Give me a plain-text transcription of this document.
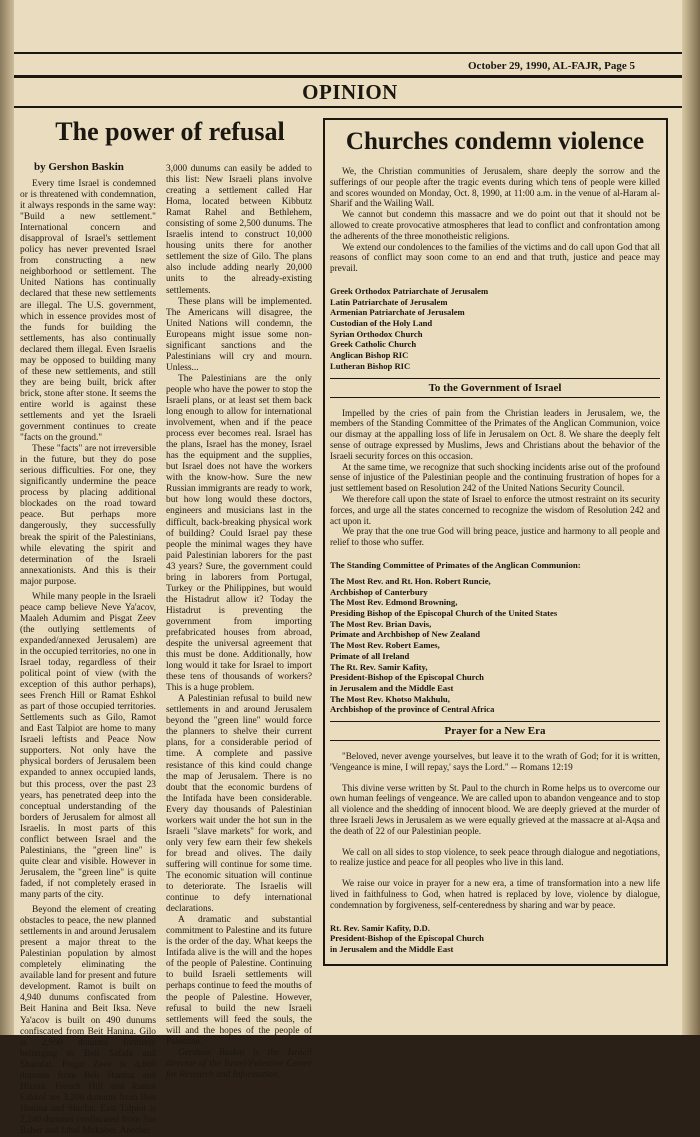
October 29, 1990, AL-FAJR, Page 5
OPINION
The power of refusal
by Gershon Baskin

Every time Israel is condemned or is threatened with condemnation, it always responds in the same way: "Build a new settlement." International concern and disapproval of Israel's settlement policy has never prevented Israel from constructing a new neighborhood or settlement. The United Nations has continually declared that these new settlements are illegal. The U.S. government, which in essence provides most of the funds for building the settlements, has also continually declared them illegal. Even Israelis may be opposed to building many of these new settlements, and still they are being built, brick after brick, stone after stone. It seems the entire world is against these settlements and yet the Israeli government continues to create "facts on the ground."

These "facts" are not irreversible in the future, but they do pose serious difficulties. For one, they significantly undermine the peace process by placing additional blockades on the road toward peace. But perhaps more dangerously, they successfully break the spirit of the Palestinians, while elevating the spirit and determination of the Israeli annexationists. And this is their major purpose.

While many people in the Israeli peace camp believe Neve Ya'acov, Maaleh Adumim and Pisgat Zeev (the outlying settlements of expanded/annexed Jerusalem) are in the occupied territories, no one in Israel today, regardless of their political point of view (with the exception of this author perhaps), sees French Hill or Ramat Eshkol as part of those occupied territories. Settlements such as Gilo, Ramot and East Talpiot are home to many Israeli leftists and Peace Now supporters. Not only have the physical borders of Jerusalem been expanded to annex occupied lands, but this process, over the past 23 years, has penetrated deep into the conceptual understanding of the borders of Jerusalem for almost all Israelis. In most parts of this conflict between Israel and the Palestinians, the "green line" is quite clear and visible. However in Jerusalem, the "green line" is quite faded, if not completely erased in many parts of the city.

Beyond the element of creating obstacles to peace, the new planned settlements in and around Jerusalem present a major threat to the Palestinian population by almost completely eliminating the available land for present and future development. Ramot is built on 4,940 dunums confiscated from Beit Hanina and Beit Iksa. Neve Ya'acov is built on 490 dunums confiscated from Beit Hanina. Gilo is 2,950 dunums formerly belonging to Beit Safafa and Sharafat. Pisgat Zeev is 4,600 dunums from Beit Hanina and Hizma. French Hill and Ramat Eshkol are 3,200 dunums from Beit Hanina and Shu'fat. East Talpiot is 2,240 dunums confiscated from Sur Baher and Jabal Mukaber. Another

3,000 dunums can easily be added to this list: New Israeli plans involve creating a settlement called Har Homa, located between Kibbutz Ramat Rahel and Bethlehem, consisting of some 2,500 dunums. The Israelis intend to construct 10,000 housing units there for another settlement the size of Gilo. The plans also include adding nearly 20,000 units to the already-existing settlements.

These plans will be implemented. The Americans will disagree, the United Nations will condemn, the Europeans might issue some non-significant sanctions and the Palestinians will cry and mourn. Unless...

The Palestinians are the only people who have the power to stop the Israeli plans, or at least set them back long enough to allow for international involvement, when and if the peace process ever becomes real. Israel has the plans, Israel has the money, Israel has the equipment and the supplies, but Israel does not have the workers with the know-how. Sure the new Russian immigrants are ready to work, but how long would these doctors, engineers and musicians last in the difficult, back-breaking physical work of building? Could Israel pay these people the minimal wages they have paid Palestinian laborers for the past 43 years? Sure, the government could bring in laborers from Portugal, Turkey or the Philippines, but would the Histadrut allow it? Today the Histadrut is preventing the government from importing prefabricated houses from abroad, despite the universal agreement that this must be done. Additionally, how long would it take for Israel to import these tens of thousands of workers? This is a huge problem.

A Palestinian refusal to build new settlements in and around Jerusalem beyond the "green line" would force the planners to shelve their current plans, for a considerable period of time. A complete and passive resistance of this kind could change the map of Jerusalem. There is no doubt that the economic burdens of the Intifada have been considerable. Every day thousands of Palestinian workers wait under the hot sun in the Israeli "slave markets" for work, and only very few earn their few shekels for bread and olives. The daily suffering will continue for some time. The economic situation will continue to deteriorate. The Israelis will continue to defy international declarations.

A dramatic and substantial commitment to Palestine and its future is the order of the day. What keeps the Intifada alive is the will and the hopes of the people of Palestine. Continuing to build Israeli settlements will perhaps continue to feed the mouths of the people of Palestine. However, refusal to build the new Israeli settlements will feed the souls, the will and the hopes of the people of Palestine.

Gershon Baskin is the Israeli director of the Israel/Palestine Center for Research and Information.

Churches condemn violence

We, the Christian communities of Jerusalem, share deeply the sorrow and the sufferings of our people after the tragic events during which tens of people were killed and scores wounded on Monday, Oct. 8, 1990, at 11:00 a.m. in the venue of al-Haram al-Sharif and the Wailing Wall.

We cannot but condemn this massacre and we do point out that it should not be allowed to create provocative atmospheres that lead to conflict and confrontation among the adherents of the three monotheistic religions.

We extend our condolences to the families of the victims and do call upon God that all reasons of conflict may soon come to an end and that truth, justice and peace may prevail.

Greek Orthodox Patriarchate of Jerusalem
Latin Patriarchate of Jerusalem
Armenian Patriarchate of Jerusalem
Custodian of the Holy Land
Syrian Orthodox Church
Greek Catholic Church
Anglican Bishop RIC
Lutheran Bishop RIC
To the Government of Israel

Impelled by the cries of pain from the Christian leaders in Jerusalem, we, the members of the Standing Committee of the Primates of the Anglican Communion, voice our dismay at the appalling loss of life in Jerusalem on Oct. 8. We share the deeply felt sense of outrage expressed by Muslims, Jews and Christians about the behavior of the Israeli security forces on this occasion.

At the same time, we recognize that such shocking incidents arise out of the profound sense of injustice of the Palestinian people and the continuing frustration of hopes for a just settlement based on Resolution 242 of the United Nations Security Council.

We therefore call upon the state of Israel to enforce the utmost restraint on its security forces, and urge all the states concerned to recognize the wisdom of Resolution 242 and act upon it.

We pray that the one true God will bring peace, justice and harmony to all people and relief to those who suffer.

The Standing Committee of Primates of the Anglican Communion:
The Most Rev. and Rt. Hon. Robert Runcie,
Archbishop of Canterbury
The Most Rev. Edmond Browning,
Presiding Bishop of the Episcopal Church of the United States
The Most Rev. Brian Davis,
Primate and Archbishop of New Zealand
The Most Rev. Robert Eames,
Primate of all Ireland
The Rt. Rev. Samir Kafity,
President-Bishop of the Episcopal Church
in Jerusalem and the Middle East
The Most Rev. Khotso Makhulu,
Archbishop of the province of Central Africa
Prayer for a New Era

"Beloved, never avenge yourselves, but leave it to the wrath of God; for it is written, 'Vengeance is mine, I will repay,' says the Lord." -- Romans 12:19

This divine verse written by St. Paul to the church in Rome helps us to overcome our own human feelings of vengeance. We are called upon to abandon vengeance and to stop all violence and the shedding of innocent blood. We are deeply grieved at the murder of three Israeli Jews in Jerusalem as we were equally grieved at the massacre at al-Aqsa and the death of 22 of our Palestinian people.

We call on all sides to stop violence, to seek peace through dialogue and negotiations, to realize justice and peace for all peoples who live in this land.

We raise our voice in prayer for a new era, a time of transformation into a new life lived in faithfulness to God, when hatred is replaced by love, violence by dialogue, condemnation by forgiveness, self-centeredness by sharing and war by peace.

Rt. Rev. Samir Kafity, D.D.
President-Bishop of the Episcopal Church
in Jerusalem and the Middle East
